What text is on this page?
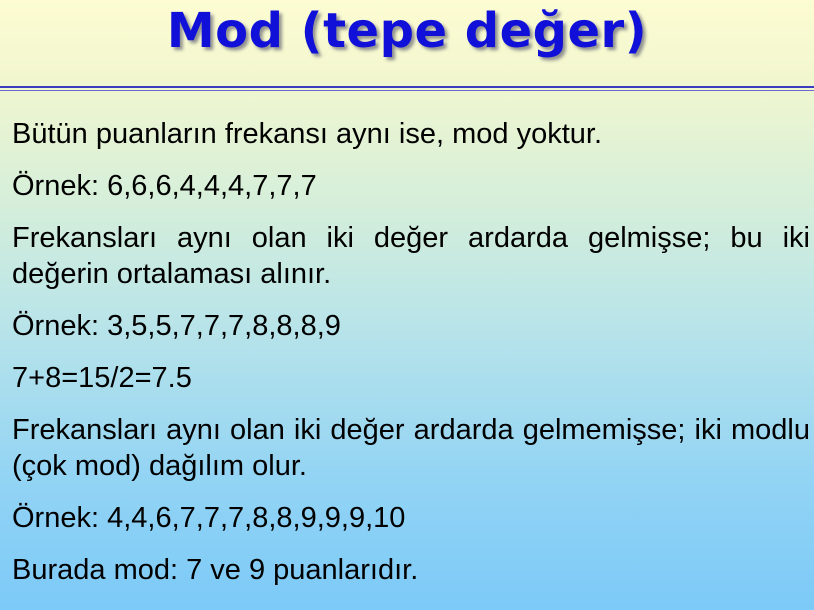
Mod (tepe değer)

Bütün puanların frekansı aynı ise, mod yoktur.

Örnek: 6,6,6,4,4,4,7,7,7

Frekansları aynı olan iki değer ardarda gelmişse; bu iki değerin ortalaması alınır.

Örnek: 3,5,5,7,7,7,8,8,8,9

7+8=15/2=7.5

Frekansları aynı olan iki değer ardarda gelmemişse; iki modlu (çok mod) dağılım olur.

Örnek: 4,4,6,7,7,7,8,8,9,9,9,10

Burada mod: 7 ve 9 puanlarıdır.
